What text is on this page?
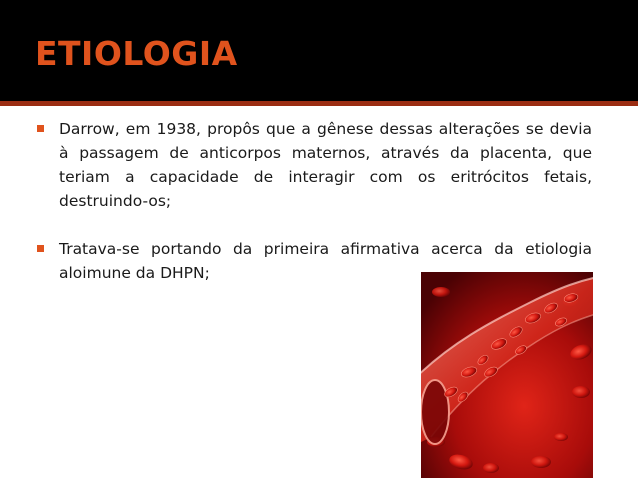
ETIOLOGIA
Darrow, em 1938, propôs que a gênese dessas alterações se devia à passagem de anticorpos maternos, através da placenta, que teriam a capacidade de interagir com os eritrócitos fetais, destruindo-os;
Tratava-se portando da primeira afirmativa acerca da etiologia aloimune da DHPN;
